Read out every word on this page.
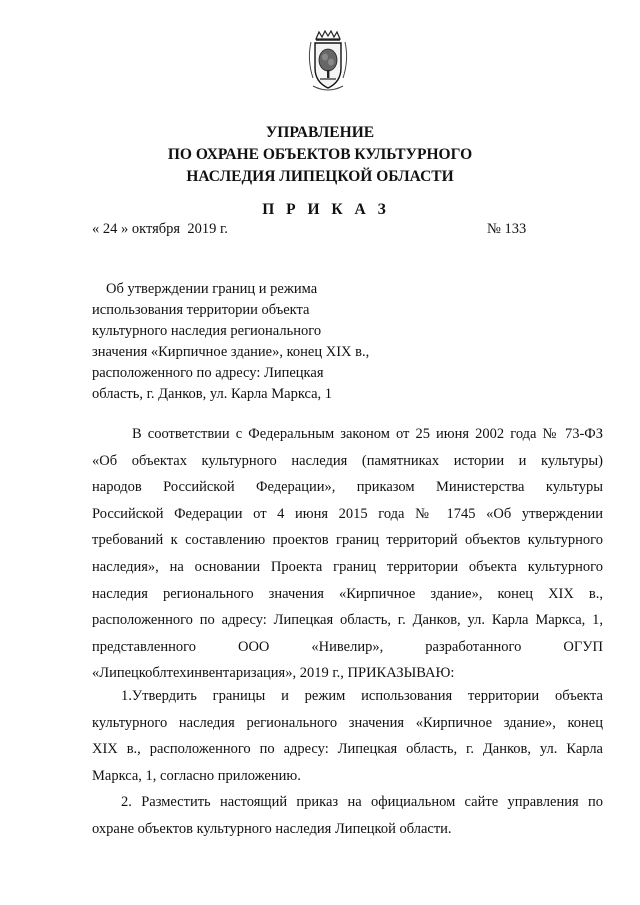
УПРАВЛЕНИЕ
ПО ОХРАНЕ ОБЪЕКТОВ КУЛЬТУРНОГО
НАСЛЕДИЯ ЛИПЕЦКОЙ ОБЛАСТИ
П Р И К А З
« 24 » октября  2019 г.	№ 133
Об утверждении границ и режима
использования территории объекта
культурного наследия регионального
значения «Кирпичное здание», конец XIX в.,
расположенного по адресу: Липецкая
область, г. Данков, ул. Карла Маркса, 1
В соответствии с Федеральным законом от 25 июня 2002 года № 73-ФЗ
«Об объектах культурного наследия (памятниках истории и культуры)
народов Российской Федерации», приказом Министерства культуры
Российской Федерации от 4 июня 2015 года № 1745 «Об утверждении
требований к составлению проектов границ территорий объектов культурного
наследия», на основании Проекта границ территории объекта культурного
наследия регионального значения «Кирпичное здание», конец XIX в.,
расположенного по адресу: Липецкая область, г. Данков, ул. Карла Маркса, 1,
представленного ООО «Нивелир», разработанного ОГУП
«Липецкоблтехинвентаризация», 2019 г., ПРИКАЗЫВАЮ:
1.Утвердить границы и режим использования территории объекта
культурного наследия регионального значения «Кирпичное здание», конец
XIX в., расположенного по адресу: Липецкая область, г. Данков, ул. Карла
Маркса, 1, согласно приложению.
2. Разместить настоящий приказ на официальном сайте управления по
охране объектов культурного наследия Липецкой области.
